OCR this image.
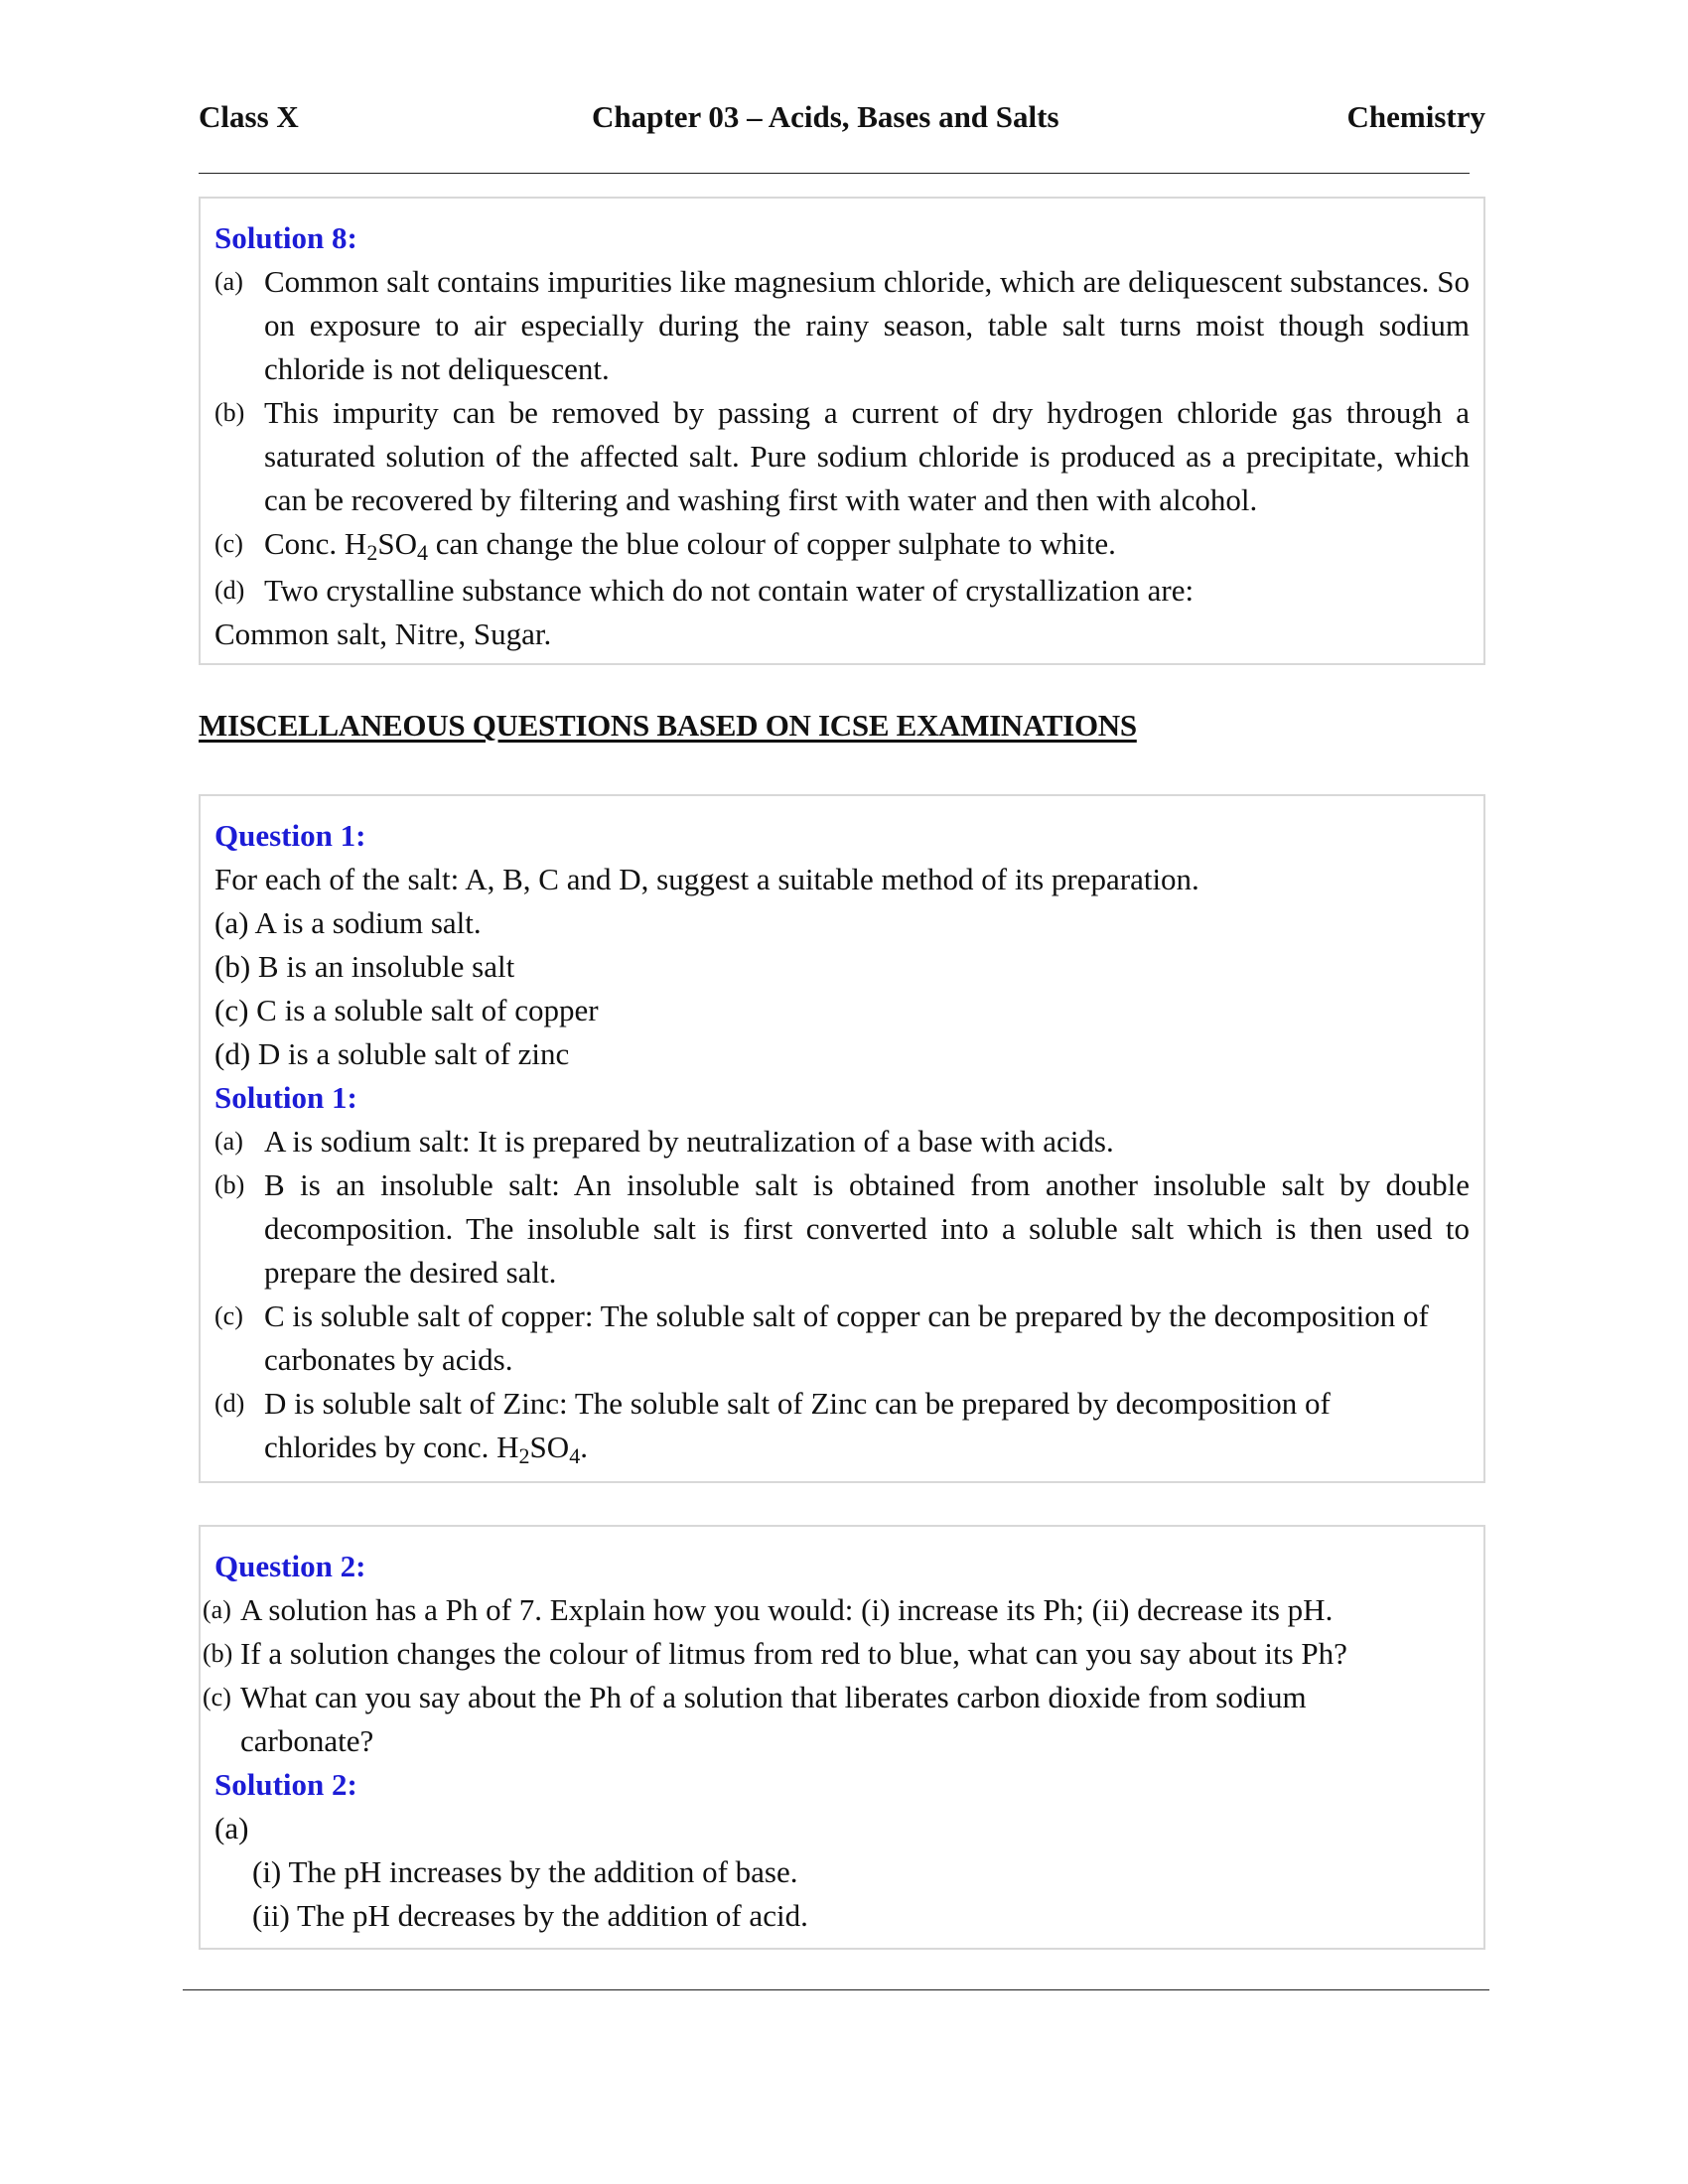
Class X	Chapter 03 – Acids, Bases and Salts	Chemistry
Solution 8:
(a) Common salt contains impurities like magnesium chloride, which are deliquescent substances. So on exposure to air especially during the rainy season, table salt turns moist though sodium chloride is not deliquescent.
(b) This impurity can be removed by passing a current of dry hydrogen chloride gas through a saturated solution of the affected salt. Pure sodium chloride is produced as a precipitate, which can be recovered by filtering and washing first with water and then with alcohol.
(c) Conc. H2SO4 can change the blue colour of copper sulphate to white.
(d) Two crystalline substance which do not contain water of crystallization are:
Common salt, Nitre, Sugar.
MISCELLANEOUS QUESTIONS BASED ON ICSE EXAMINATIONS
Question 1:
For each of the salt: A, B, C and D, suggest a suitable method of its preparation.
(a) A is a sodium salt.
(b) B is an insoluble salt
(c) C is a soluble salt of copper
(d) D is a soluble salt of zinc
Solution 1:
(a) A is sodium salt: It is prepared by neutralization of a base with acids.
(b) B is an insoluble salt: An insoluble salt is obtained from another insoluble salt by double decomposition. The insoluble salt is first converted into a soluble salt which is then used to prepare the desired salt.
(c) C is soluble salt of copper: The soluble salt of copper can be prepared by the decomposition of carbonates by acids.
(d) D is soluble salt of Zinc: The soluble salt of Zinc can be prepared by decomposition of
chlorides by conc. H2SO4.
Question 2:
(a) A solution has a Ph of 7. Explain how you would: (i) increase its Ph; (ii) decrease its pH.
(b) If a solution changes the colour of litmus from red to blue, what can you say about its Ph?
(c) What can you say about the Ph of a solution that liberates carbon dioxide from sodium carbonate?
Solution 2:
(a)
(i) The pH increases by the addition of base.
(ii) The pH decreases by the addition of acid.
